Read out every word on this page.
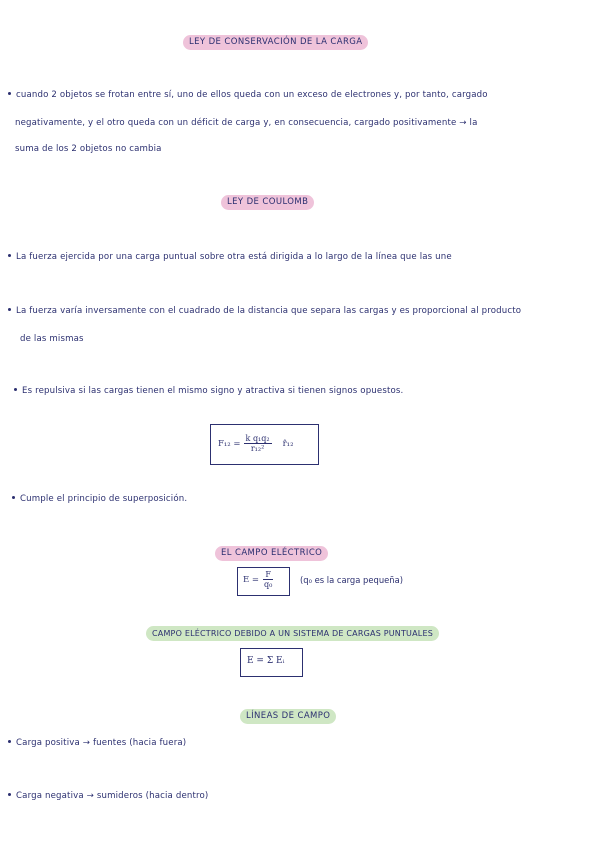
LEY DE CONSERVACIÓN DE LA CARGA
cuando 2 objetos se frotan entre sí, uno de ellos queda con un exceso de electrones y, por tanto, cargado
negativamente, y el otro queda con un déficit de carga y, en consecuencia, cargado positivamente → la
suma de los 2 objetos no cambia
LEY DE COULOMB
La fuerza ejercida por una carga puntual sobre otra está dirigida a lo largo de la línea que las une
La fuerza varía inversamente con el cuadrado de la distancia que separa las cargas y es proporcional al producto
de las mismas
Es repulsiva si las cargas tienen el mismo signo y atractiva si tienen signos opuestos.
$F_{12} = \frac{\text{k q₁q₂}}{\text{r₁₂²}}$ r̂₁₂
Cumple el principio de superposición.
EL CAMPO ELÉCTRICO
$E = \frac{F}{\text{q₀}}$	(q₀ es la carga pequeña)
CAMPO ELÉCTRICO DEBIDO A UN SISTEMA DE CARGAS PUNTUALES
E = Σ Eᵢ
LÍNEAS DE CAMPO
Carga positiva → fuentes (hacia fuera)
Carga negativa → sumideros (hacia dentro)
